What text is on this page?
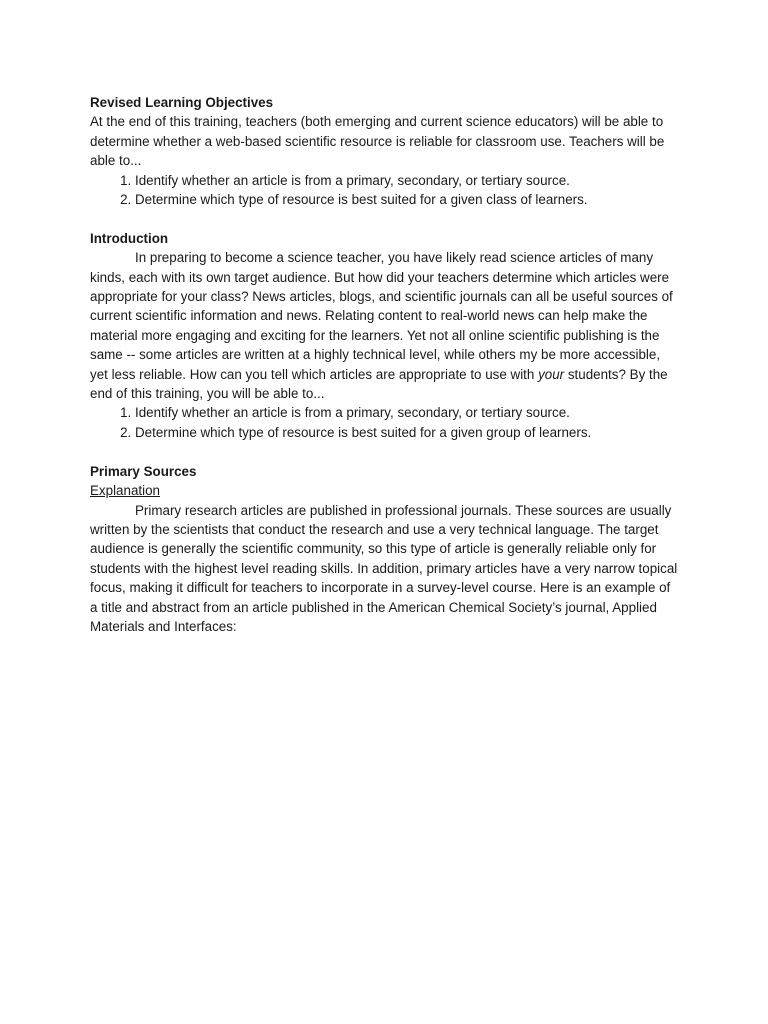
Revised Learning Objectives

At the end of this training, teachers (both emerging and current science educators) will be able to determine whether a web-based scientific resource is reliable for classroom use. Teachers will be able to...

1. Identify whether an article is from a primary, secondary, or tertiary source.
2. Determine which type of resource is best suited for a given class of learners.

Introduction

In preparing to become a science teacher, you have likely read science articles of many kinds, each with its own target audience. But how did your teachers determine which articles were appropriate for your class? News articles, blogs, and scientific journals can all be useful sources of current scientific information and news. Relating content to real-world news can help make the material more engaging and exciting for the learners. Yet not all online scientific publishing is the same -- some articles are written at a highly technical level, while others my be more accessible, yet less reliable. How can you tell which articles are appropriate to use with your students? By the end of this training, you will be able to...

1. Identify whether an article is from a primary, secondary, or tertiary source.
2. Determine which type of resource is best suited for a given group of learners.

Primary Sources

Explanation

Primary research articles are published in professional journals. These sources are usually written by the scientists that conduct the research and use a very technical language. The target audience is generally the scientific community, so this type of article is generally reliable only for students with the highest level reading skills. In addition, primary articles have a very narrow topical focus, making it difficult for teachers to incorporate in a survey-level course. Here is an example of a title and abstract from an article published in the American Chemical Society’s journal, Applied Materials and Interfaces:
